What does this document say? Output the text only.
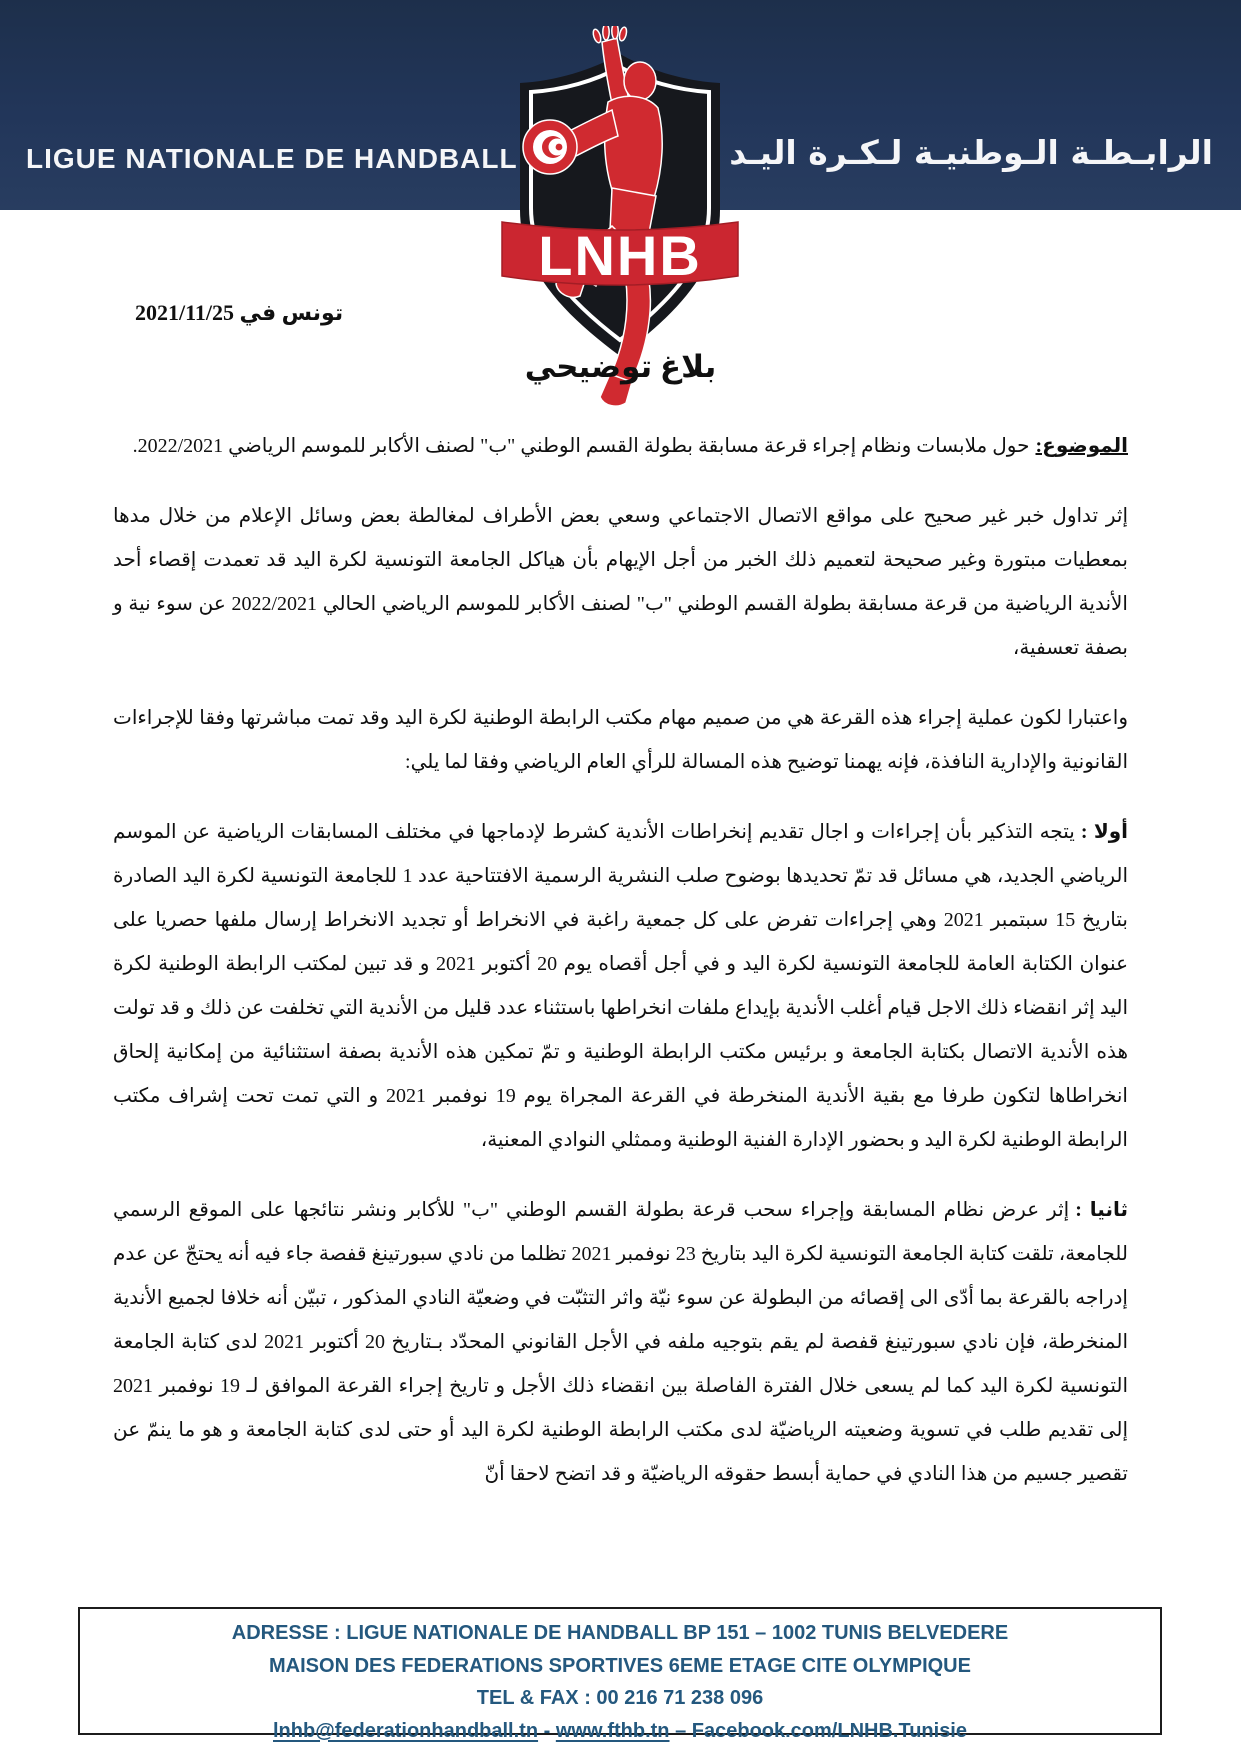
LIGUE NATIONALE DE HANDBALL	الرابـطـة الـوطنيـة لـكـرة اليـد
LNHB
تونس في 2021/11/25
بلاغ توضيحي

الموضوع:حول ملابسات ونظام إجراء قرعة مسابقة بطولة القسم الوطني "ب" لصنف الأكابر للموسم الرياضي 2022/2021.

إثر تداول خبر غير صحيح على مواقع الاتصال الاجتماعي وسعي بعض الأطراف لمغالطة بعض وسائل الإعلام من خلال مدها بمعطيات مبتورة وغير صحيحة لتعميم ذلك الخبر من أجل الإيهام بأن هياكل الجامعة التونسية لكرة اليد قد تعمدت إقصاء أحد الأندية الرياضية من قرعة مسابقة بطولة القسم الوطني "ب" لصنف الأكابر للموسم الرياضي الحالي 2022/2021 عن سوء نية و بصفة تعسفية،

واعتبارا لكون عملية إجراء هذه القرعة هي من صميم مهام مكتب الرابطة الوطنية لكرة اليد وقد تمت مباشرتها وفقا للإجراءات القانونية والإدارية النافذة، فإنه يهمنا توضيح هذه المسالة للرأي العام الرياضي وفقا لما يلي:

أولا :يتجه التذكير بأن إجراءات و اجال تقديم إنخراطات الأندية كشرط لإدماجها في مختلف المسابقات الرياضية عن الموسم الرياضي الجديد، هي مسائل قد تمّ تحديدها بوضوح صلب النشرية الرسمية الافتتاحية عدد 1 للجامعة التونسية لكرة اليد الصادرة بتاريخ 15 سبتمبر 2021 وهي إجراءات تفرض على كل جمعية راغبة في الانخراط أو تجديد الانخراط إرسال ملفها حصريا على عنوان الكتابة العامة للجامعة التونسية لكرة اليد و في أجل أقصاه يوم 20 أكتوبر 2021 و قد تبين لمكتب الرابطة الوطنية لكرة اليد إثر انقضاء ذلك الاجل قيام أغلب الأندية بإيداع ملفات انخراطها باستثناء عدد قليل من الأندية التي تخلفت عن ذلك و قد تولت هذه الأندية الاتصال بكتابة الجامعة و برئيس مكتب الرابطة الوطنية و تمّ تمكين هذه الأندية بصفة استثنائية من إمكانية إلحاق انخراطاها لتكون طرفا مع بقية الأندية المنخرطة في القرعة المجراة يوم 19 نوفمبر 2021 و التي تمت تحت إشراف مكتب الرابطة الوطنية لكرة اليد و بحضور الإدارة الفنية الوطنية وممثلي النوادي المعنية،

ثانيا :إثر عرض نظام المسابقة وإجراء سحب قرعة بطولة القسم الوطني "ب" للأكابر ونشر نتائجها على الموقع الرسمي للجامعة، تلقت كتابة الجامعة التونسية لكرة اليد بتاريخ 23 نوفمبر 2021 تظلما من نادي سبورتينغ قفصة جاء فيه أنه يحتجّ عن عدم إدراجه بالقرعة بما أدّى الى إقصائه من البطولة عن سوء نيّة واثر التثبّت في وضعيّة النادي المذكور ، تبيّن أنه خلافا لجميع الأندية المنخرطة، فإن نادي سبورتينغ قفصة لم يقم بتوجيه ملفه في الأجل القانوني المحدّد بـتاريخ 20 أكتوبر 2021 لدى كتابة الجامعة التونسية لكرة اليد كما لم يسعى خلال الفترة الفاصلة بين انقضاء ذلك الأجل و تاريخ إجراء القرعة الموافق لـ 19 نوفمبر 2021 إلى تقديم طلب في تسوية وضعيته الرياضيّة لدى مكتب الرابطة الوطنية لكرة اليد أو حتى لدى كتابة الجامعة و هو ما ينمّ عن تقصير جسيم من هذا النادي في حماية أبسط حقوقه الرياضيّة و قد اتضح لاحقا أنّ

ADRESSE : LIGUE NATIONALE DE HANDBALL BP 151 – 1002 TUNIS BELVEDERE
MAISON DES FEDERATIONS SPORTIVES 6EME ETAGE CITE OLYMPIQUE
TEL & FAX : 00 216 71 238 096
lnhb@federationhandball.tn - www.fthb.tn – Facebook.com/LNHB.Tunisie
